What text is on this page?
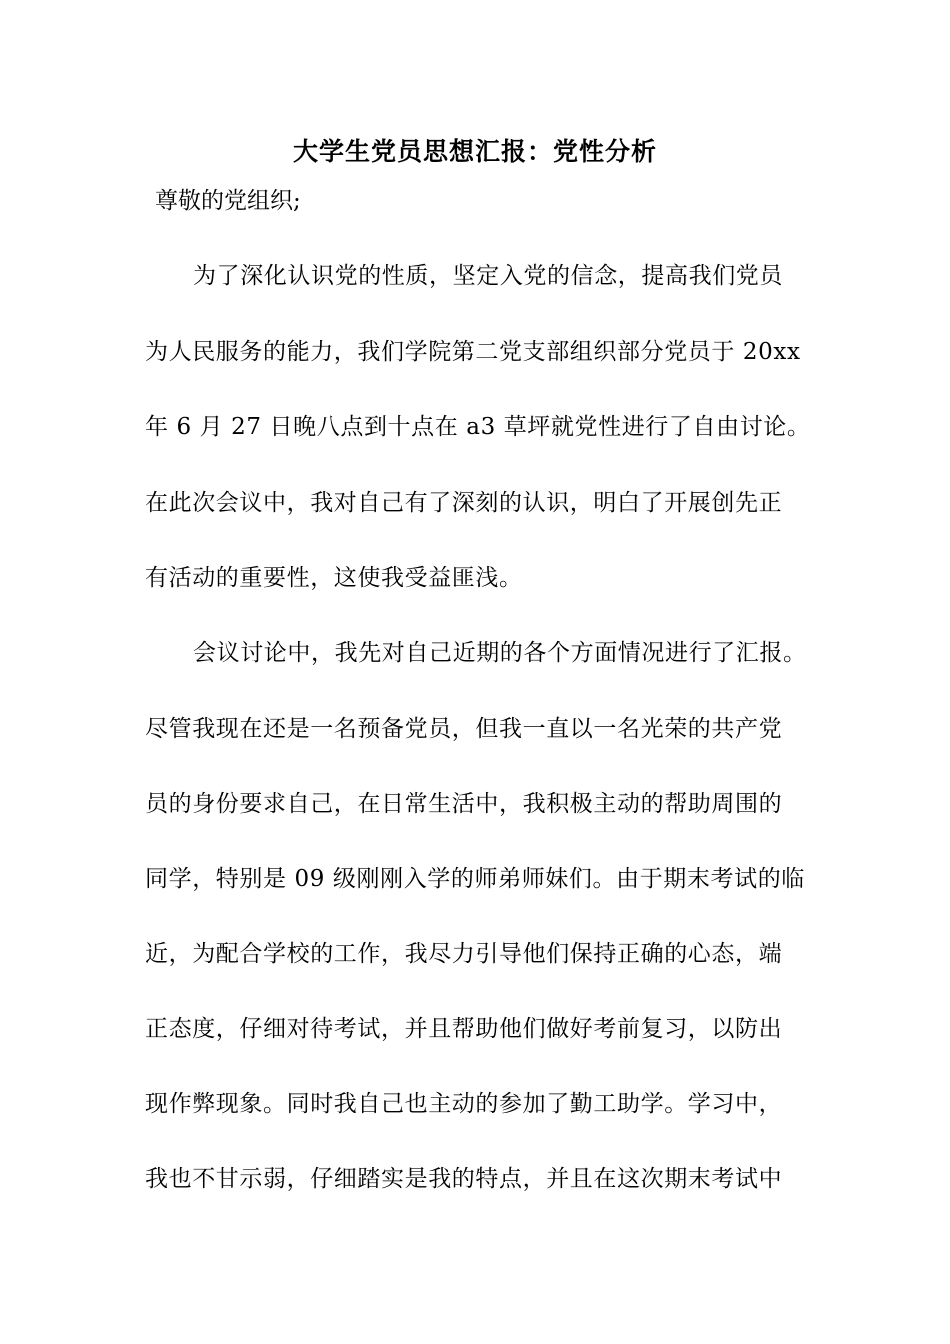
大学生党员思想汇报：党性分析
尊敬的党组织;
为了深化认识党的性质，坚定入党的信念，提高我们党员
为人民服务的能力，我们学院第二党支部组织部分党员于 20xx
年 6 月 27 日晚八点到十点在 a3 草坪就党性进行了自由讨论。
在此次会议中，我对自己有了深刻的认识，明白了开展创先正
有活动的重要性，这使我受益匪浅。
会议讨论中，我先对自己近期的各个方面情况进行了汇报。
尽管我现在还是一名预备党员，但我一直以一名光荣的共产党
员的身份要求自己，在日常生活中，我积极主动的帮助周围的
同学，特别是 09 级刚刚入学的师弟师妹们。由于期末考试的临
近，为配合学校的工作，我尽力引导他们保持正确的心态，端
正态度，仔细对待考试，并且帮助他们做好考前复习，以防出
现作弊现象。同时我自己也主动的参加了勤工助学。学习中，
我也不甘示弱，仔细踏实是我的特点，并且在这次期末考试中
